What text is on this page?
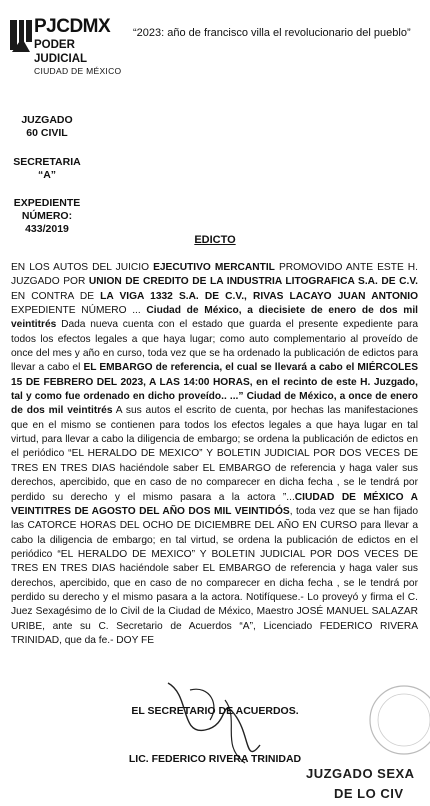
PJCDMX
PODER JUDICIAL
CIUDAD DE MÉXICO
“2023: año de francisco villa el revolucionario del pueblo”
JUZGADO
60 CIVIL
SECRETARIA
“A”
EXPEDIENTE
NÚMERO:
433/2019
EDICTO
EN LOS AUTOS DEL JUICIO EJECUTIVO MERCANTIL PROMOVIDO ANTE ESTE H. JUZGADO POR UNION DE CREDITO DE LA INDUSTRIA LITOGRAFICA S.A. DE C.V. EN CONTRA DE LA VIGA 1332 S.A. DE C.V., RIVAS LACAYO JUAN ANTONIO EXPEDIENTE NÚMERO ... Ciudad de México, a diecisiete de enero de dos mil veintitrés Dada nueva cuenta con el estado que guarda el presente expediente para todos los efectos legales a que haya lugar; como auto complementario al proveído de once del mes y año en curso, toda vez que se ha ordenado la publicación de edictos para llevar a cabo el EL EMBARGO de referencia, el cual se llevará a cabo el MIÉRCOLES 15 DE FEBRERO DEL 2023, A LAS 14:00 HORAS, en el recinto de este H. Juzgado, tal y como fue ordenado en dicho proveído.. ...” Ciudad de México, a once de enero de dos mil veintitrés A sus autos el escrito de cuenta, por hechas las manifestaciones que en el mismo se contienen para todos los efectos legales a que haya lugar en tal virtud, para llevar a cabo la diligencia de embargo; se ordena la publicación de edictos en el periódico “EL HERALDO DE MEXICO” Y BOLETIN JUDICIAL POR DOS VECES DE TRES EN TRES DIAS haciéndole saber EL EMBARGO de referencia y haga valer sus derechos, apercibido, que en caso de no comparecer en dicha fecha , se le tendrá por perdido su derecho y el mismo pasara a la actora ”...CIUDAD DE MÉXICO A VEINTITRES DE AGOSTO DEL AÑO DOS MIL VEINTIDÓS, toda vez que se han fijado las CATORCE HORAS DEL OCHO DE DICIEMBRE DEL AÑO EN CURSO para llevar a cabo la diligencia de embargo; en tal virtud, se ordena la publicación de edictos en el periódico “EL HERALDO DE MEXICO” Y BOLETIN JUDICIAL POR DOS VECES DE TRES EN TRES DIAS haciéndole saber EL EMBARGO de referencia y haga valer sus derechos, apercibido, que en caso de no comparecer en dicha fecha , se le tendrá por perdido su derecho y el mismo pasara a la actora. Notifíquese.- Lo proveyó y firma el C. Juez Sexagésimo de lo Civil de la Ciudad de México, Maestro JOSÉ MANUEL SALAZAR URIBE, ante su C. Secretario de Acuerdos “A”, Licenciado FEDERICO RIVERA TRINIDAD, que da fe.- DOY FE
EL SECRETARIO DE ACUERDOS.
LIC. FEDERICO RIVERA TRINIDAD
JUZGADO SEXA
DE LO CIV
